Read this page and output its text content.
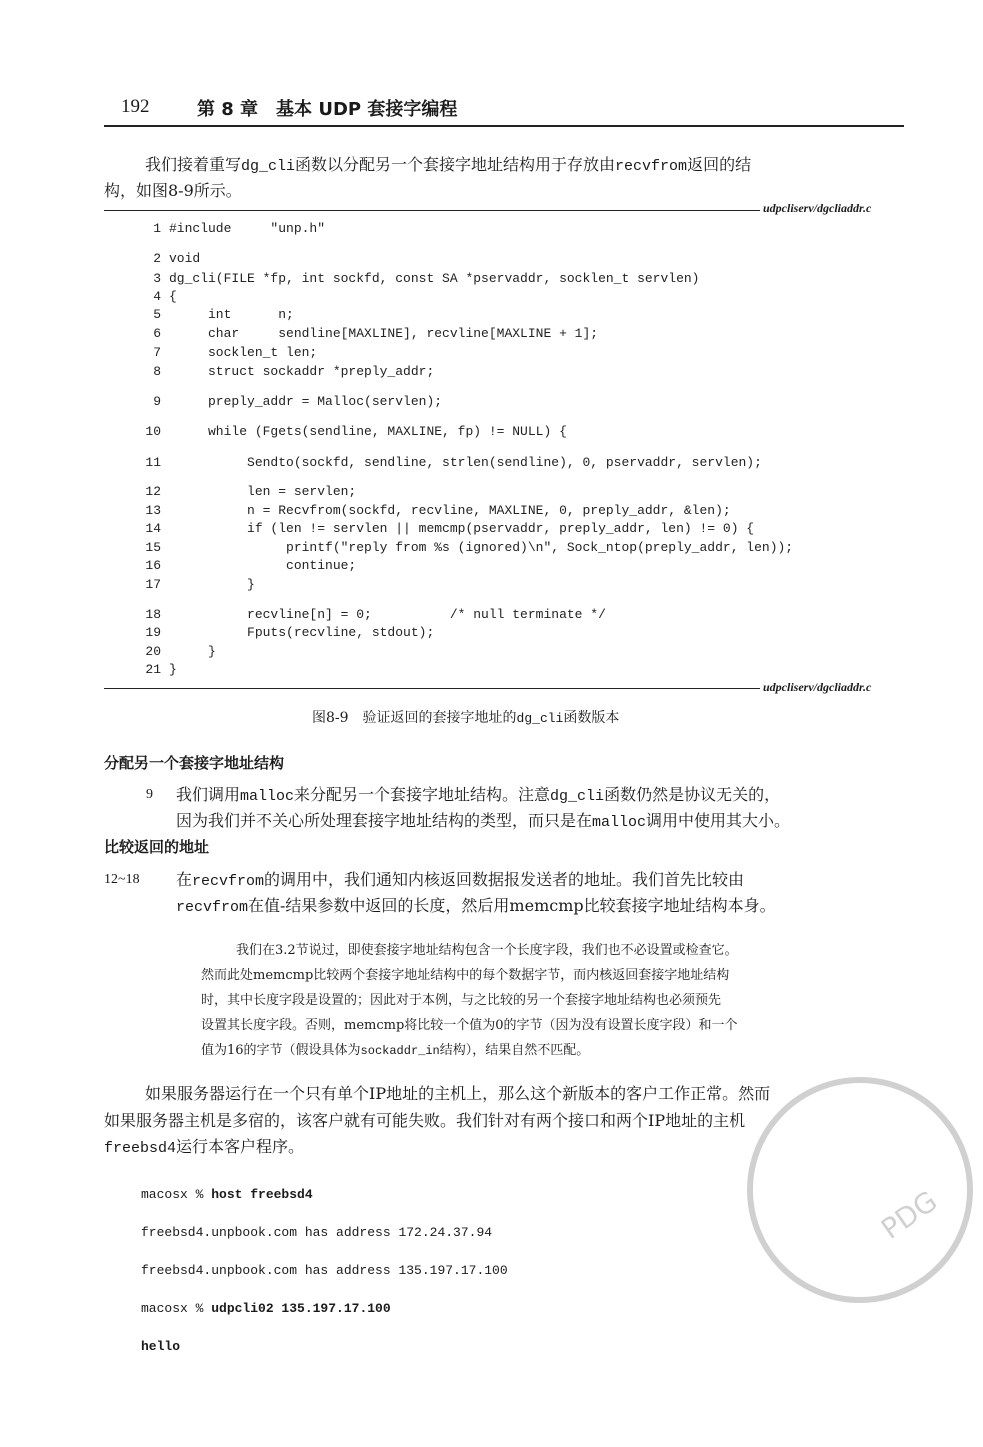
192	第 8 章　基本 UDP 套接字编程
我们接着重写dg_cli函数以分配另一个套接字地址结构用于存放由recvfrom返回的结
构，如图8-9所示。
udpcliserv/dgcliaddr.c
1 #include     "unp.h"
2 void
3 dg_cli(FILE *fp, int sockfd, const SA *pservaddr, socklen_t servlen)
4 {
5 int      n;
6 char     sendline[MAXLINE], recvline[MAXLINE + 1];
7 socklen_t len;
8 struct sockaddr *preply_addr;
9 preply_addr = Malloc(servlen);
10 while (Fgets(sendline, MAXLINE, fp) != NULL) {
11 Sendto(sockfd, sendline, strlen(sendline), 0, pservaddr, servlen);
12 len = servlen;
13 n = Recvfrom(sockfd, recvline, MAXLINE, 0, preply_addr, &len);
14 if (len != servlen || memcmp(pservaddr, preply_addr, len) != 0) {
15 printf("reply from %s (ignored)\n", Sock_ntop(preply_addr, len));
16 continue;
17 }
18 recvline[n] = 0;          /* null terminate */
19 Fputs(recvline, stdout);
20 }
21 }
udpcliserv/dgcliaddr.c
图8-9　验证返回的套接字地址的dg_cli函数版本
分配另一个套接字地址结构
9 我们调用malloc来分配另一个套接字地址结构。注意dg_cli函数仍然是协议无关的，
因为我们并不关心所处理套接字地址结构的类型，而只是在malloc调用中使用其大小。
比较返回的地址
12~18 在recvfrom的调用中，我们通知内核返回数据报发送者的地址。我们首先比较由
recvfrom在值-结果参数中返回的长度，然后用memcmp比较套接字地址结构本身。
我们在3.2节说过，即使套接字地址结构包含一个长度字段，我们也不必设置或检查它。
然而此处memcmp比较两个套接字地址结构中的每个数据字节，而内核返回套接字地址结构
时，其中长度字段是设置的；因此对于本例，与之比较的另一个套接字地址结构也必须预先
设置其长度字段。否则，memcmp将比较一个值为0的字节（因为没有设置长度字段）和一个
值为16的字节（假设具体为sockaddr_in结构），结果自然不匹配。
如果服务器运行在一个只有单个IP地址的主机上，那么这个新版本的客户工作正常。然而
如果服务器主机是多宿的，该客户就有可能失败。我们针对有两个接口和两个IP地址的主机
freebsd4运行本客户程序。

macosx % host freebsd4

freebsd4.unpbook.com has address 172.24.37.94

freebsd4.unpbook.com has address 135.197.17.100

macosx % udpcli02 135.197.17.100

hello

PDG
